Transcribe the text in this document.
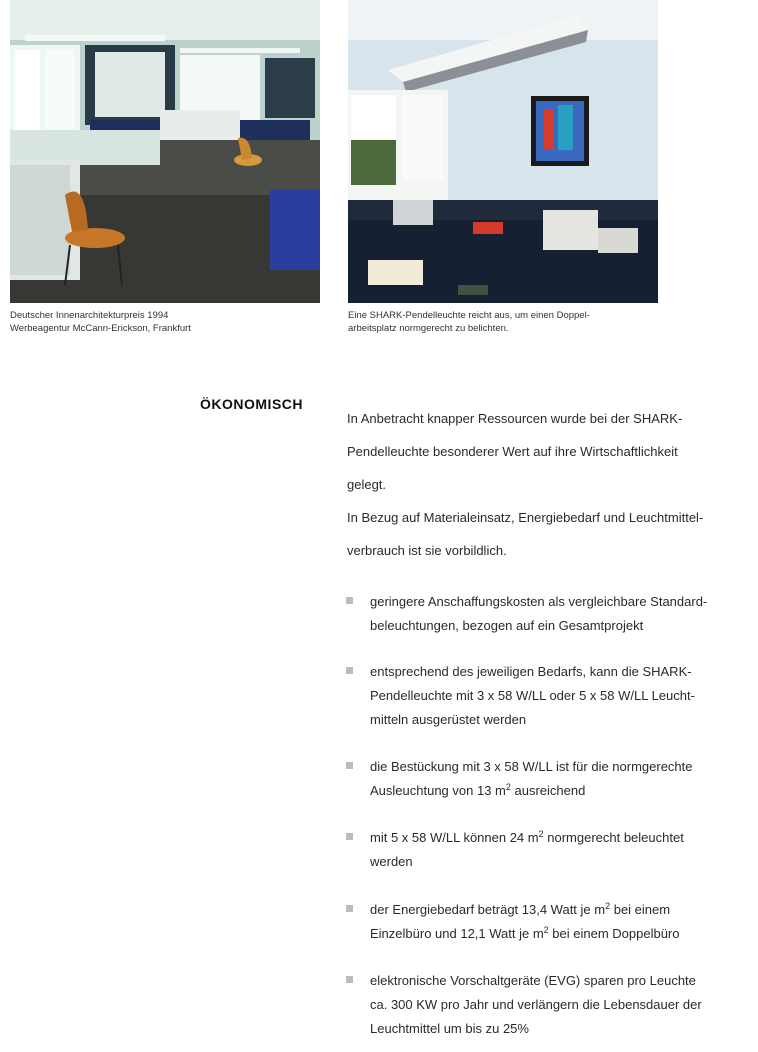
Deutscher Innenarchitekturpreis 1994
Werbeagentur McCann-Erickson, Frankfurt
Eine SHARK-Pendelleuchte reicht aus, um einen Doppel-
arbeitsplatz normgerecht zu belichten.
ÖKONOMISCH
In Anbetracht knapper Ressourcen wurde bei der SHARK-
Pendelleuchte besonderer Wert auf ihre Wirtschaftlichkeit
gelegt.
In Bezug auf Materialeinsatz, Energiebedarf und Leuchtmittel-
verbrauch ist sie vorbildlich.
geringere Anschaffungskosten als vergleichbare Standard-
beleuchtungen, bezogen auf ein Gesamtprojekt
entsprechend des jeweiligen Bedarfs, kann die SHARK-
Pendelleuchte mit 3 x 58 W/LL oder 5 x 58 W/LL Leucht-
mitteln ausgerüstet werden
die Bestückung mit 3 x 58 W/LL ist für die normgerechte
Ausleuchtung von 13 $m^2$ ausreichend
mit 5 x 58 W/LL können 24 $m^2$ normgerecht beleuchtet
werden
der Energiebedarf beträgt 13,4 Watt je $m^2$ bei einem
Einzelbüro und 12,1 Watt je $m^2$ bei einem Doppelbüro
elektronische Vorschaltgeräte (EVG) sparen pro Leuchte
ca. 300 KW pro Jahr und verlängern die Lebensdauer der
Leuchtmittel um bis zu 25%
